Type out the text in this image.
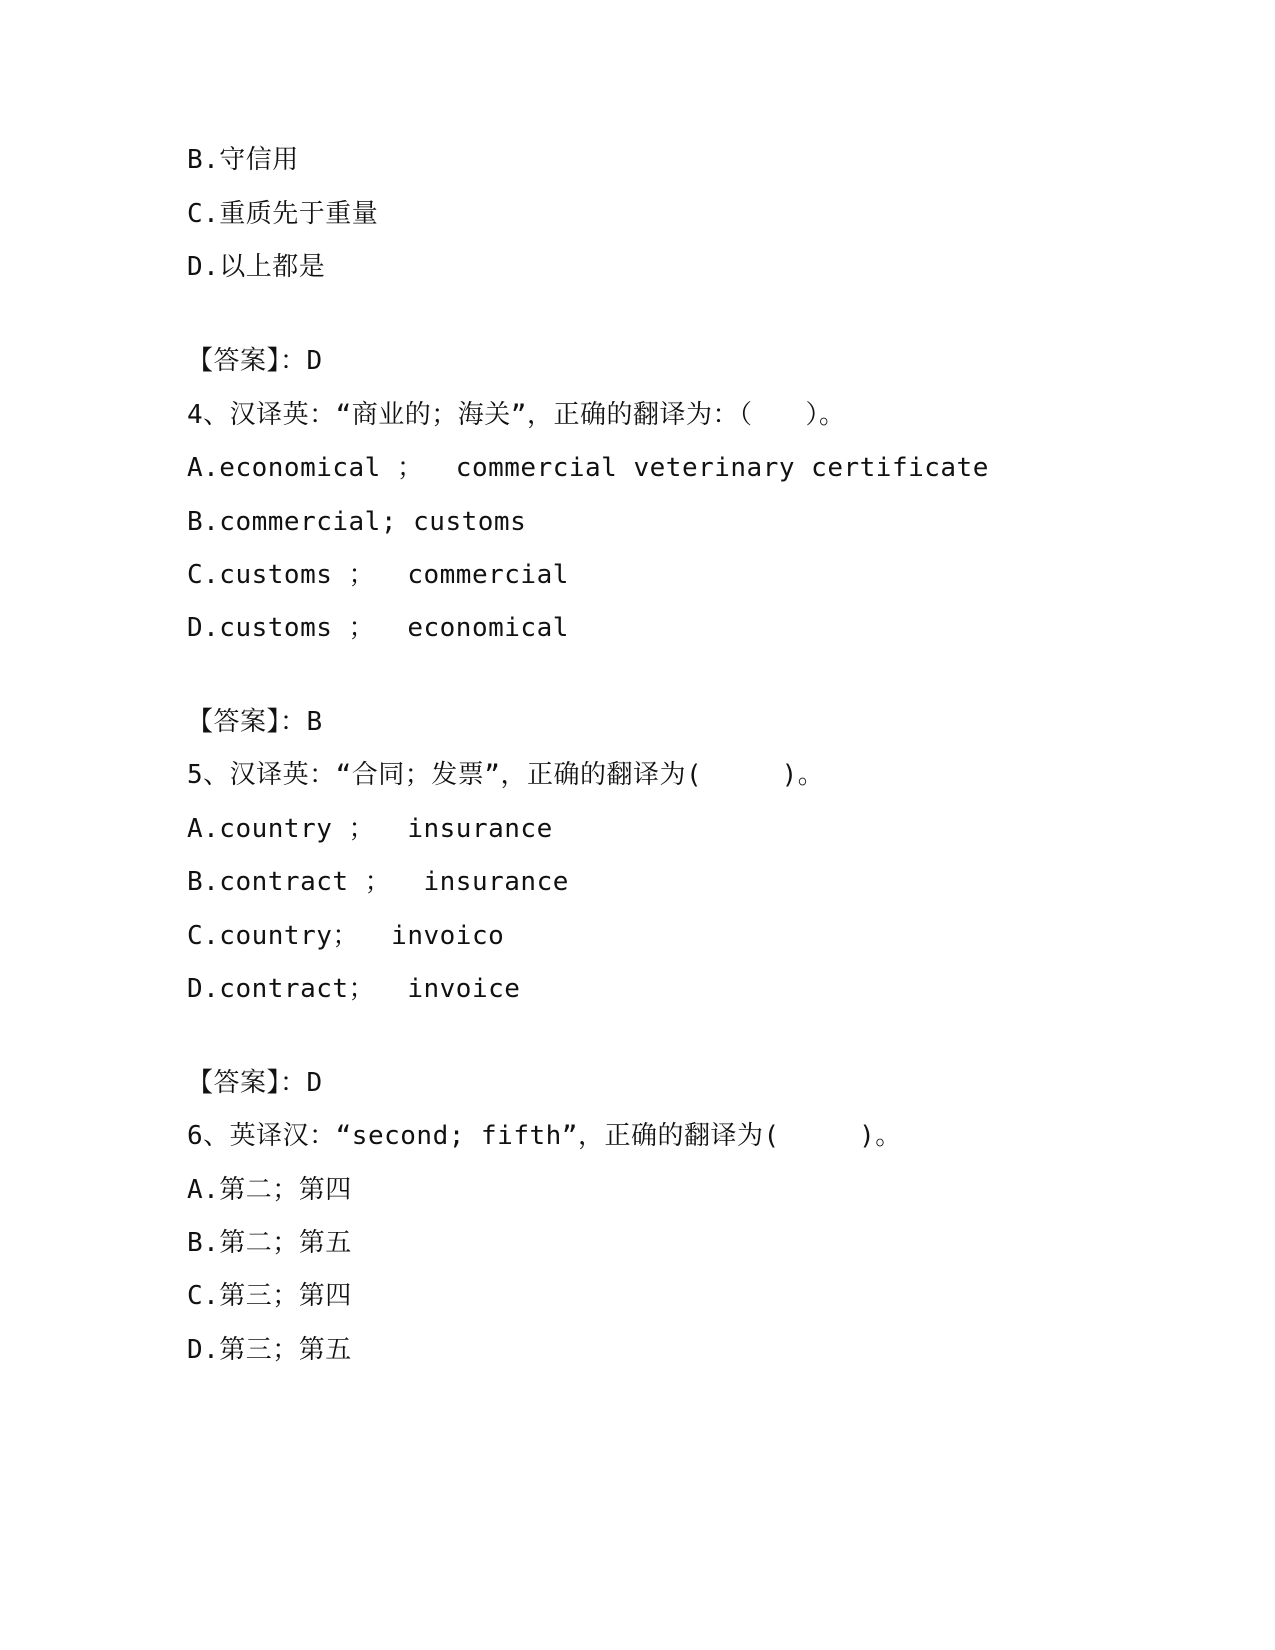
B.守信用
C.重质先于重量
D.以上都是
【答案】：D
4、汉译英：“商业的；海关”，正确的翻译为：（　　）。
A.economical ；  commercial veterinary certificate
B.commercial; customs
C.customs ；  commercial
D.customs ；  economical
【答案】：B
5、汉译英：“合同；发票”，正确的翻译为(　　　)。
A.country ；  insurance
B.contract ；  insurance
C.country；  invoico
D.contract；  invoice
【答案】：D
6、英译汉：“second; fifth”，正确的翻译为(　　　)。
A.第二；第四
B.第二；第五
C.第三；第四
D.第三；第五
